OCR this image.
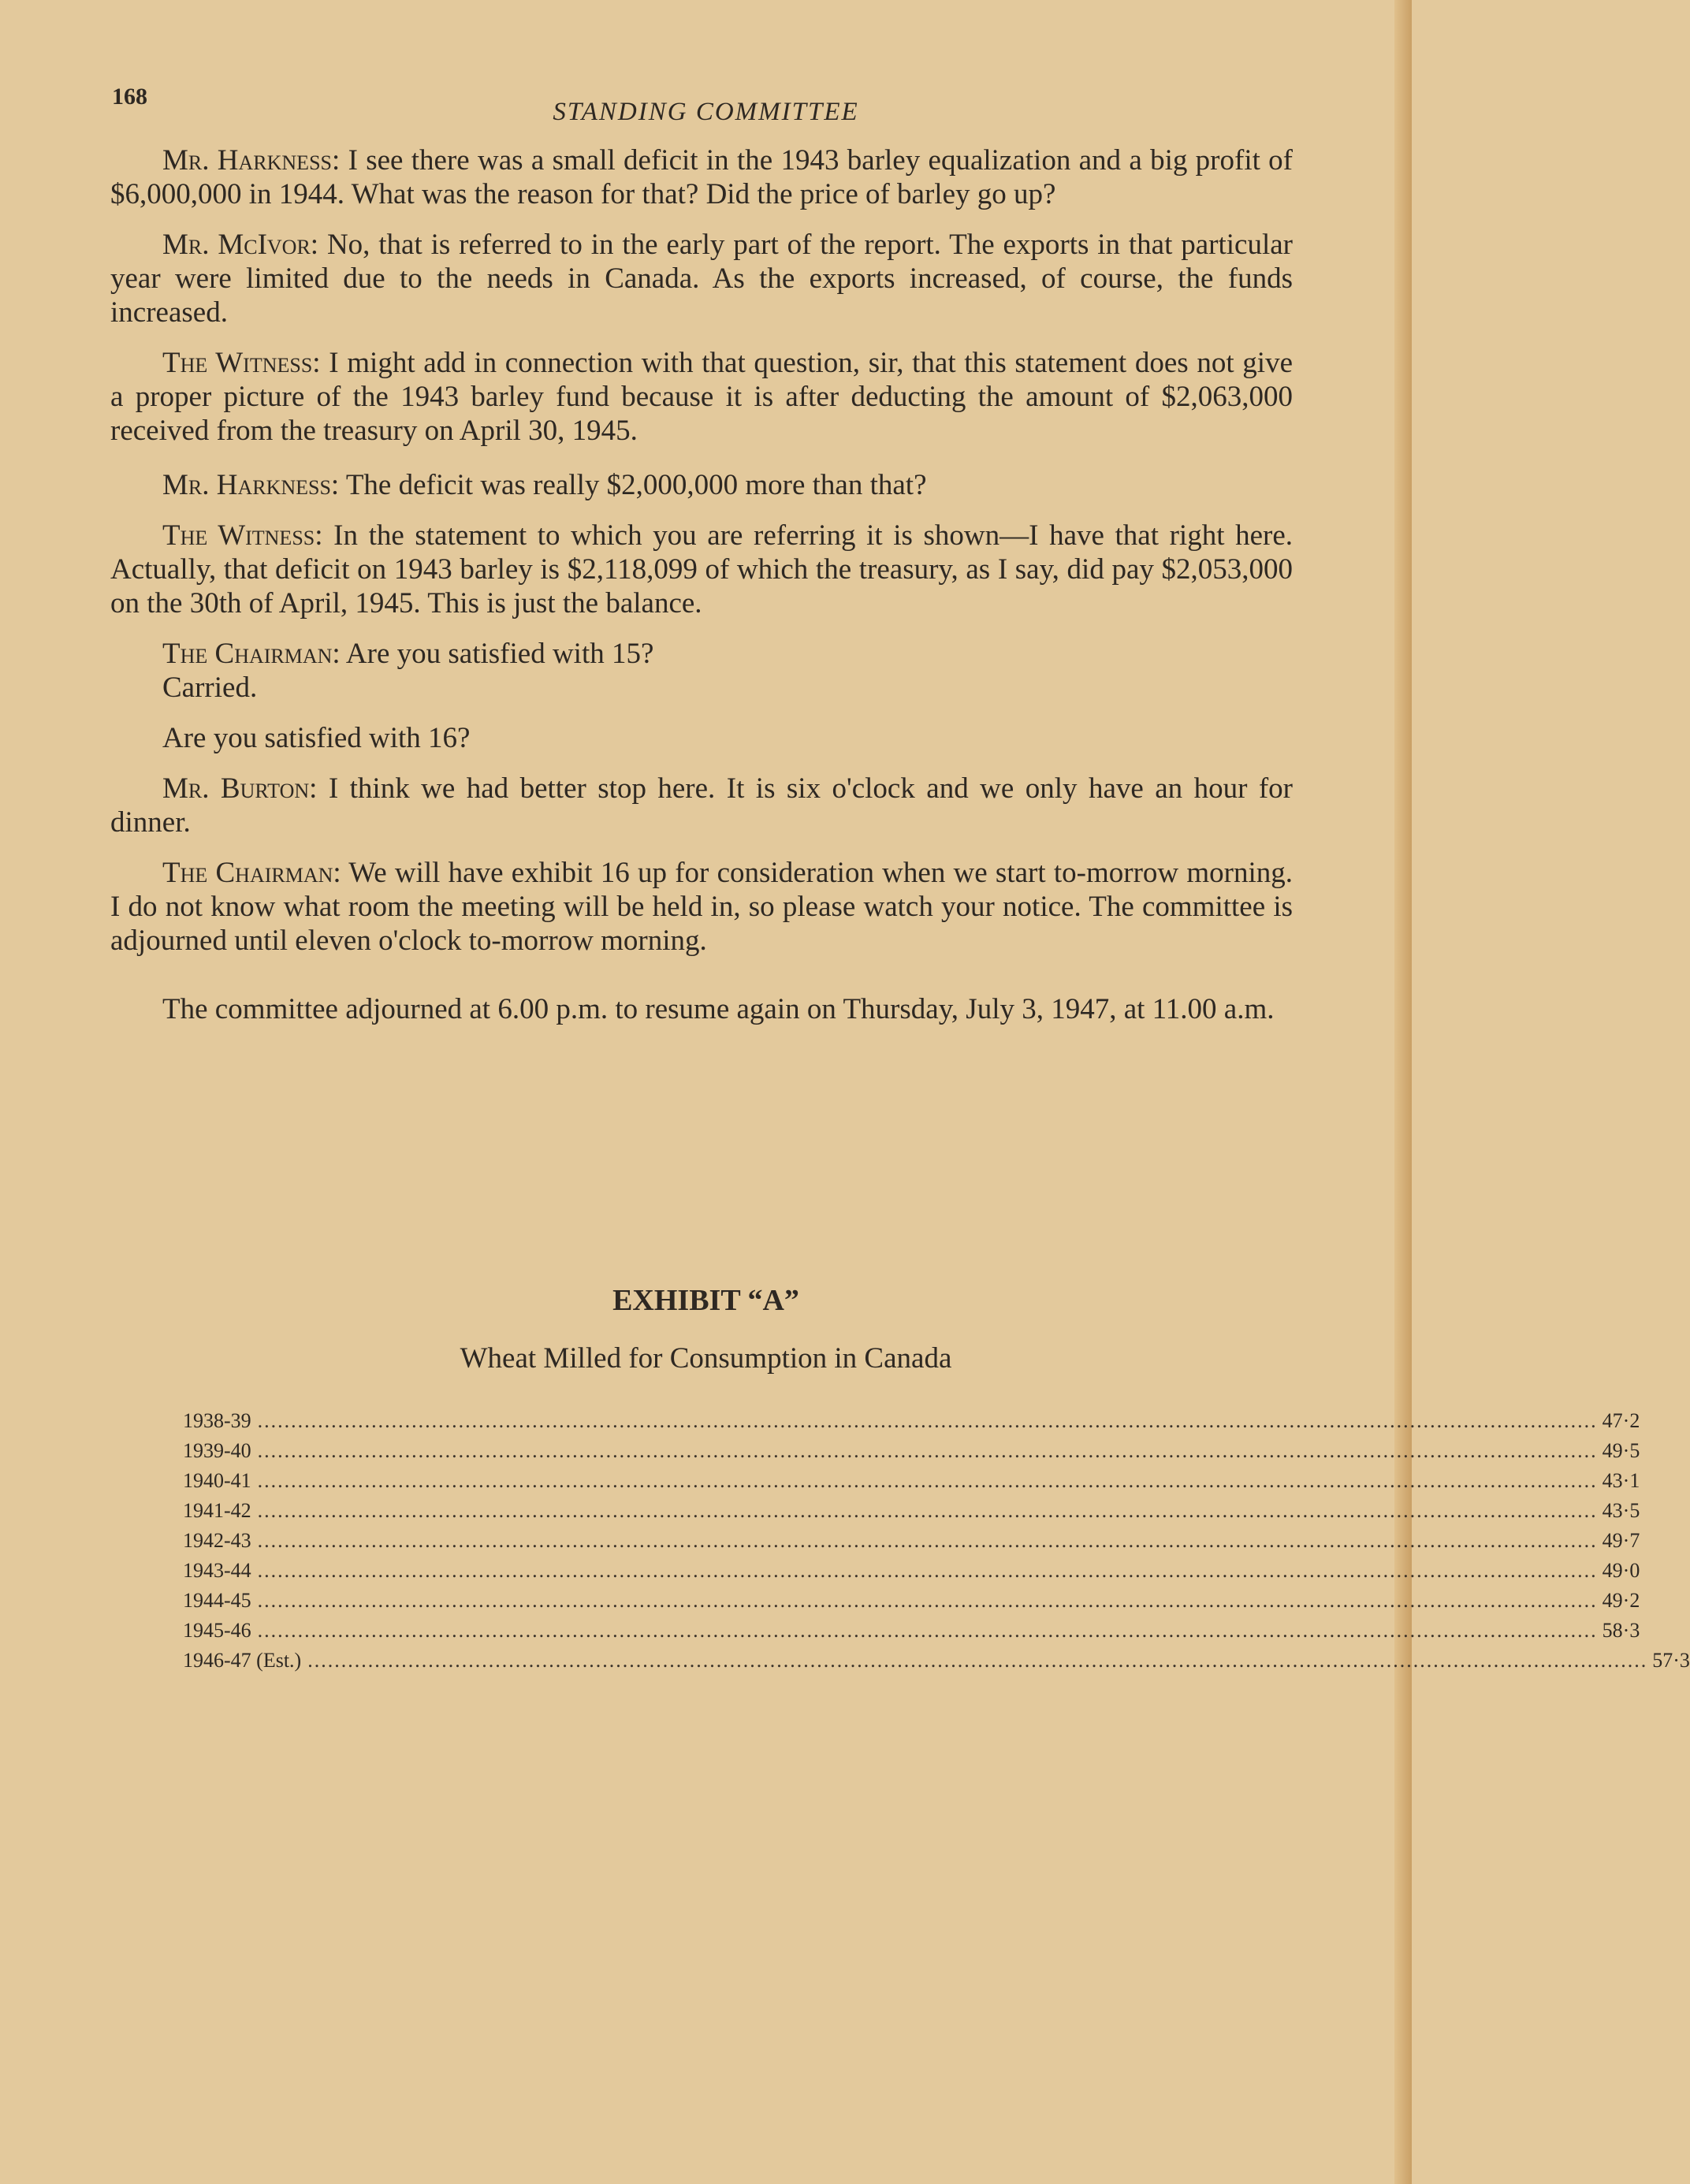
168
STANDING COMMITTEE

Mr. Harkness: I see there was a small deficit in the 1943 barley equalization and a big profit of $6,000,000 in 1944. What was the reason for that? Did the price of barley go up?

Mr. McIvor: No, that is referred to in the early part of the report. The exports in that particular year were limited due to the needs in Canada. As the exports increased, of course, the funds increased.

The Witness: I might add in connection with that question, sir, that this statement does not give a proper picture of the 1943 barley fund because it is after deducting the amount of $2,063,000 received from the treasury on April 30, 1945.

Mr. Harkness: The deficit was really $2,000,000 more than that?

The Witness: In the statement to which you are referring it is shown—I have that right here. Actually, that deficit on 1943 barley is $2,118,099 of which the treasury, as I say, did pay $2,053,000 on the 30th of April, 1945. This is just the balance.

The Chairman: Are you satisfied with 15?

Carried.

Are you satisfied with 16?

Mr. Burton: I think we had better stop here. It is six o'clock and we only have an hour for dinner.

The Chairman: We will have exhibit 16 up for consideration when we start to-morrow morning. I do not know what room the meeting will be held in, so please watch your notice. The committee is adjourned until eleven o'clock to-morrow morning.

The committee adjourned at 6.00 p.m. to resume again on Thursday, July 3, 1947, at 11.00 a.m.

EXHIBIT “A”
Wheat Milled for Consumption in Canada
1938-39 ........................................................................................................................................................................................................ 47·2
1939-40 ........................................................................................................................................................................................................ 49·5
1940-41 ........................................................................................................................................................................................................ 43·1
1941-42 ........................................................................................................................................................................................................ 43·5
1942-43 ........................................................................................................................................................................................................ 49·7
1943-44 ........................................................................................................................................................................................................ 49·0
1944-45 ........................................................................................................................................................................................................ 49·2
1945-46 ........................................................................................................................................................................................................ 58·3
1946-47 (Est.) ........................................................................................................................................................................................................ 57·3
